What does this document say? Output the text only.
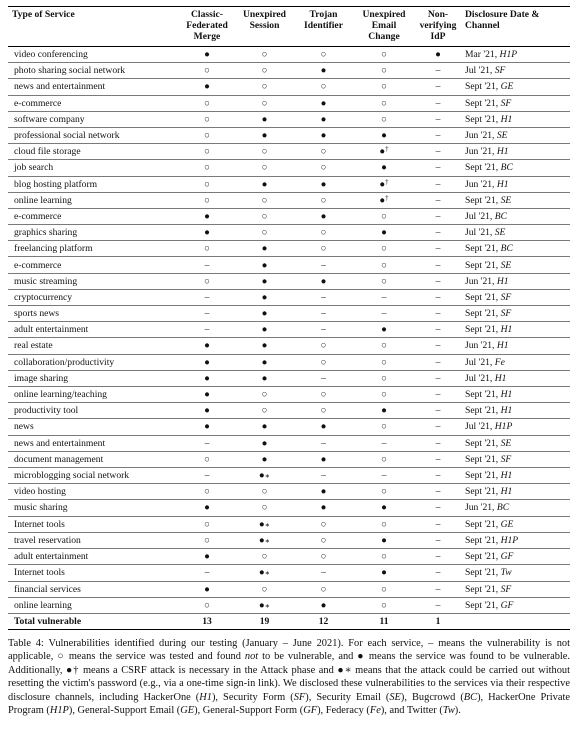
Type of Service	Classic-
Federated
Merge	Unexpired
Session	Trojan
Identifier	Unexpired
Email
Change	Non-
verifying
IdP	Disclosure Date &
Channel
video conferencing	●	○	○	○	●	Mar '21, H1P
photo sharing social network	○	○	●	○	–	Jul '21, SF
news and entertainment	●	○	○	○	–	Sept '21, GE
e-commerce	○	○	●	○	–	Sept '21, SF
software company	○	●	●	○	–	Sept '21, H1
professional social network	○	●	●	●	–	Jun '21, SE
cloud file storage	○	○	○	●†	–	Jun '21, H1
job search	○	○	○	●	–	Sept '21, BC
blog hosting platform	○	●	●	●†	–	Jun '21, H1
online learning	○	○	○	●†	–	Sept '21, SE
e-commerce	●	○	●	○	–	Jul '21, BC
graphics sharing	●	○	○	●	–	Jul '21, SE
freelancing platform	○	●	○	○	–	Sept '21, BC
e-commerce	–	●	–	○	–	Sept '21, SE
music streaming	○	●	●	○	–	Jun '21, H1
cryptocurrency	–	●	–	–	–	Sept '21, SF
sports news	–	●	–	–	–	Sept '21, SF
adult entertainment	–	●	–	●	–	Sept '21, H1
real estate	●	●	○	○	–	Jun '21, H1
collaboration/productivity	●	●	○	○	–	Jul '21, Fe
image sharing	●	●	–	○	–	Jul '21, H1
online learning/teaching	●	○	○	○	–	Sept '21, H1
productivity tool	●	○	○	●	–	Sept '21, H1
news	●	●	●	○	–	Jul '21, H1P
news and entertainment	–	●	–	–	–	Sept '21, SE
document management	○	●	●	○	–	Sept '21, SF
microblogging social network	–	●∗	–	–	–	Sept '21, H1
video hosting	○	○	●	○	–	Sept '21, H1
music sharing	●	○	●	●	–	Jun '21, BC
Internet tools	○	●∗	○	○	–	Sept '21, GE
travel reservation	○	●∗	○	●	–	Sept '21, H1P
adult entertainment	●	○	○	○	–	Sept '21, GF
Internet tools	–	●∗	–	●	–	Sept '21, Tw
financial services	●	○	○	○	–	Sept '21, SF
online learning	○	●∗	●	○	–	Sept '21, GF
Total vulnerable	13	19	12	11	1	
Table 4: Vulnerabilities identified during our testing (January – June 2021). For each service, – means the vulnerability is not applicable, ○ means the service was tested and found not to be vulnerable, and ● means the service was found to be vulnerable. Additionally, ●† means a CSRF attack is necessary in the Attack phase and ●∗ means that the attack could be carried out without resetting the victim's password (e.g., via a one-time sign-in link). We disclosed these vulnerabilities to the services via their respective disclosure channels, including HackerOne (H1), Security Form (SF), Security Email (SE), Bugcrowd (BC), HackerOne Private Program (H1P), General-Support Email (GE), General-Support Form (GF), Federacy (Fe), and Twitter (Tw).
